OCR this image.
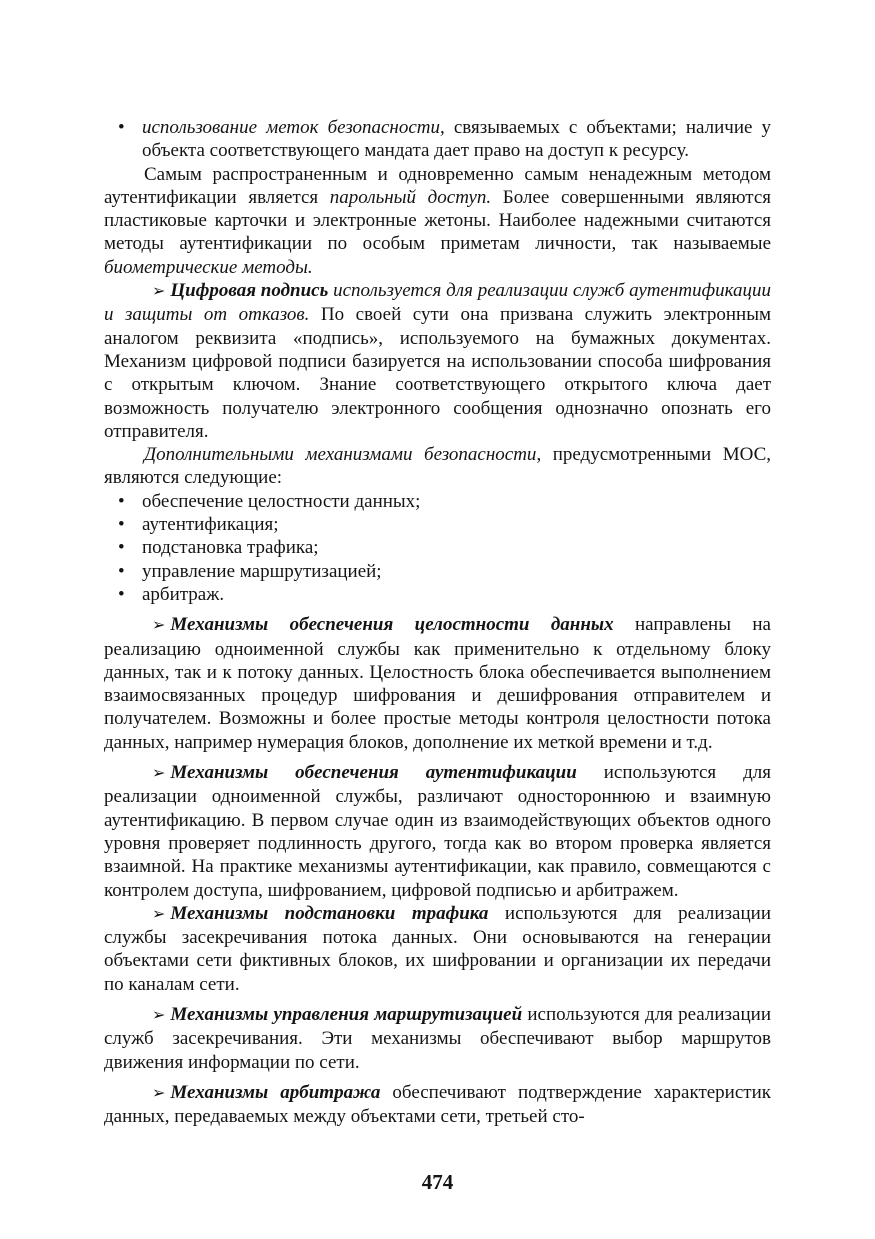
• использование меток безопасности, связываемых с объектами; наличие у объекта соответствующего мандата дает право на доступ к ресурсу.

Самым распространенным и одновременно самым ненадежным методом аутентификации является парольный доступ. Более совершенными являются пластиковые карточки и электронные жетоны. Наиболее надежными считаются методы аутентификации по особым приметам личности, так называемые биометрические методы.

➢ Цифровая подпись используется для реализации служб аутентификации и защиты от отказов. По своей сути она призвана служить электронным аналогом реквизита «подпись», используемого на бумажных документах. Механизм цифровой подписи базируется на использовании способа шифрования с открытым ключом. Знание соответствующего открытого ключа дает возможность получателю электронного сообщения однозначно опознать его отправителя.

Дополнительными механизмами безопасности, предусмотренными МОС, являются следующие:

• обеспечение целостности данных;
• аутентификация;
• подстановка трафика;
• управление маршрутизацией;
• арбитраж.

➢ Механизмы обеспечения целостности данных направлены на реализацию одноименной службы как применительно к отдельному блоку данных, так и к потоку данных. Целостность блока обеспечивается выполнением взаимосвязанных процедур шифрования и дешифрования отправителем и получателем. Возможны и более простые методы контроля целостности потока данных, например нумерация блоков, дополнение их меткой времени и т.д.

➢ Механизмы обеспечения аутентификации используются для реализации одноименной службы, различают одностороннюю и взаимную аутентификацию. В первом случае один из взаимодействующих объектов одного уровня проверяет подлинность другого, тогда как во втором проверка является взаимной. На практике механизмы аутентификации, как правило, совмещаются с контролем доступа, шифрованием, цифровой подписью и арбитражем.

➢ Механизмы подстановки трафика используются для реализации службы засекречивания потока данных. Они основываются на генерации объектами сети фиктивных блоков, их шифровании и организации их передачи по каналам сети.

➢ Механизмы управления маршрутизацией используются для реализации служб засекречивания. Эти механизмы обеспечивают выбор маршрутов движения информации по сети.

➢ Механизмы арбитража обеспечивают подтверждение характеристик данных, передаваемых между объектами сети, третьей сто-

474
